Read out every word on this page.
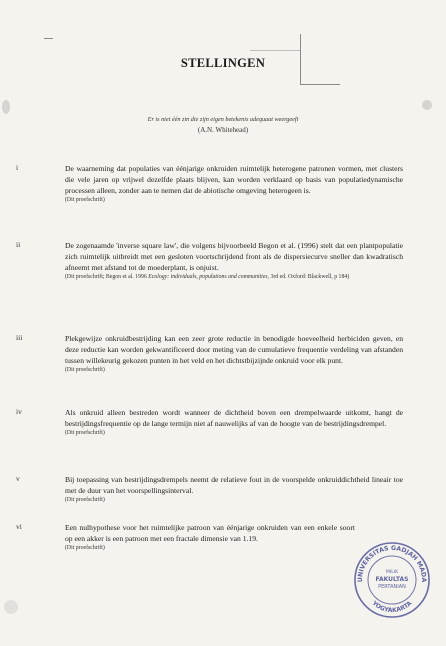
STELLINGEN
Er is niet één zin die zijn eigen betekenis adequaat weergeeft
(A.N. Whitehead)
i	De waarneming dat populaties van éénjarige onkruiden ruimtelijk heterogene patronen vormen, met clusters die vele jaren op vrijwel dezelfde plaats blijven, kan worden verklaard op basis van populatiedynamische processen alleen, zonder aan te nemen dat de abiotische omgeving heterogeen is.
(Dit proefschrift)
ii	De zogenaamde 'inverse square law', die volgens bijvoorbeeld Begon et al. (1996) stelt dat een plantpopulatie zich ruimtelijk uitbreidt met een gesloten voortschrijdend front als de dispersiecurve sneller dan kwadratisch afneemt met afstand tot de moederplant, is onjuist.
(Dit proefschrift; Begon et al. 1996 Ecology: individuals, populations and communities, 3rd ed. Oxford: Blackwell, p 184)
iii	Plekgewijze onkruidbestrijding kan een zeer grote reductie in benodigde hoeveelheid herbiciden geven, en deze reductie kan worden gekwantificeerd door meting van de cumulatieve frequentie verdeling van afstanden tussen willekeurig gekozen punten in het veld en het dichtstbijzijnde onkruid voor elk punt.
(Dit proefschrift)
iv	Als onkruid alleen bestreden wordt wanneer de dichtheid boven een drempelwaarde uitkomt, hangt de bestrijdingsfrequentie op de lange termijn niet af nauwelijks af van de hoogte van de bestrijdingsdrempel.
(Dit proefschrift)
v	Bij toepassing van bestrijdingsdrempels neemt de relatieve fout in de voorspelde onkruiddichtheid lineair toe met de duur van het voorspellingsinterval.
(Dit proefschrift)
vi	Een nulhypothese voor het ruimtelijke patroon van éénjarige onkruiden van een enkele soort op een akker is een patroon met een fractale dimensie van 1.19.
(Dit proefschrift)
UNIVERSITAS GADJAH MADA
YOGYAKARTA
MILIK
FAKULTAS
PERTANIAN
